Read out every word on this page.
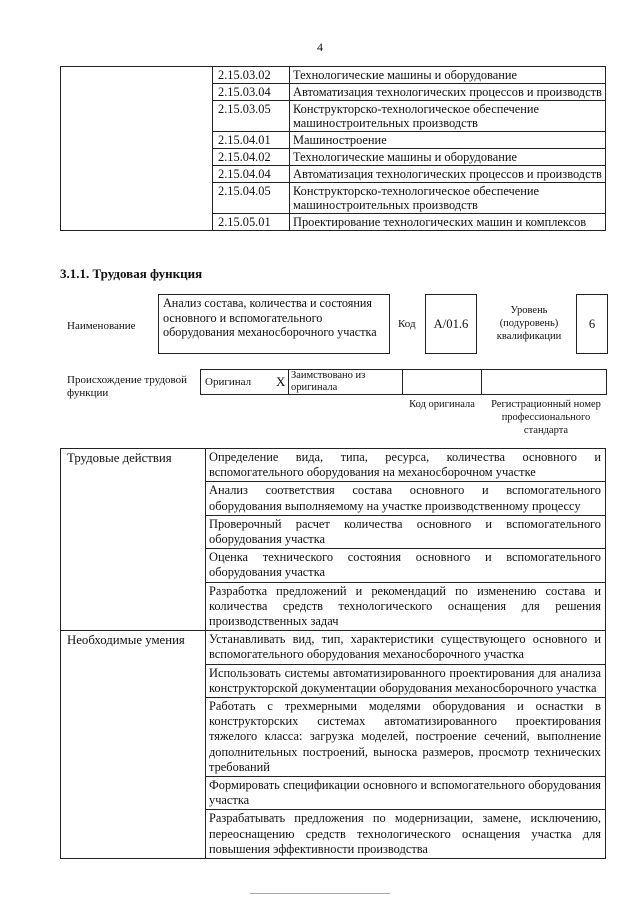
4
	2.15.03.02	Технологические машины и оборудование
	2.15.03.04	Автоматизация технологических процессов и производств
	2.15.03.05	Конструкторско-технологическое обеспечение машиностроительных производств
	2.15.04.01	Машиностроение
	2.15.04.02	Технологические машины и оборудование
	2.15.04.04	Автоматизация технологических процессов и производств
	2.15.04.05	Конструкторско-технологическое обеспечение машиностроительных производств
	2.15.05.01	Проектирование технологических машин и комплексов
3.1.1. Трудовая функция
Наименование
Анализ состава, количества и состояния основного и вспомогательного оборудования механосборочного участка
Код	A/01.6
Уровень (подуровень) квалификации
6
Происхождение трудовой функции
Оригинал X Заимствовано из оригинала
Код оригинала	Регистрационный номер профессионального стандарта
Трудовые действия	Определение вида, типа, ресурса, количества основного и вспомогательного оборудования на механосборочном участке
	Анализ соответствия состава основного и вспомогательного оборудования выполняемому на участке производственному процессу
	Проверочный расчет количества основного и вспомогательного оборудования участка
	Оценка технического состояния основного и вспомогательного оборудования участка
	Разработка предложений и рекомендаций по изменению состава и количества средств технологического оснащения для решения производственных задач
Необходимые умения	Устанавливать вид, тип, характеристики существующего основного и вспомогательного оборудования механосборочного участка
	Использовать системы автоматизированного проектирования для анализа конструкторской документации оборудования механосборочного участка
	Работать с трехмерными моделями оборудования и оснастки в конструкторских системах автоматизированного проектирования тяжелого класса: загрузка моделей, построение сечений, выполнение дополнительных построений, выноска размеров, просмотр технических требований
	Формировать спецификации основного и вспомогательного оборудования участка
	Разрабатывать предложения по модернизации, замене, исключению, переоснащению средств технологического оснащения участка для повышения эффективности производства
